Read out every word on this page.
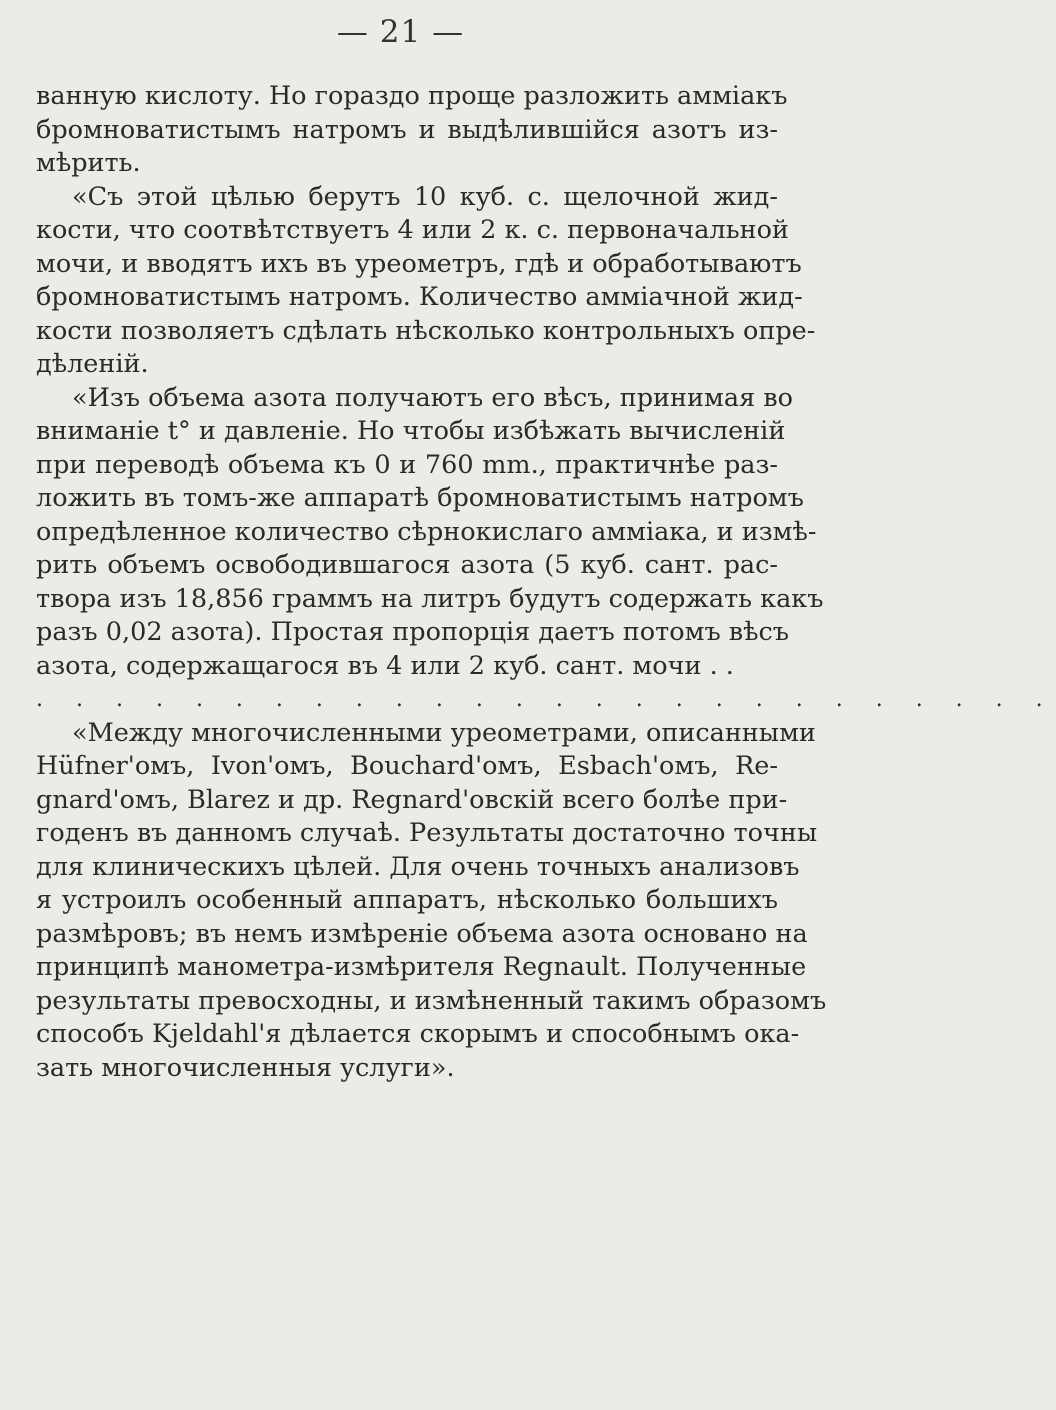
— 21 —
ванную кислоту. Но гораздо проще разложить амміакъ
бромноватистымъ натромъ и выдѣлившійся азотъ из-
мѣрить.
«Съ этой цѣлью берутъ 10 куб. с. щелочной жид-
кости, что соотвѣтствуетъ 4 или 2 к. с. первоначальной
мочи, и вводятъ ихъ въ уреометръ, гдѣ и обработываютъ
бромноватистымъ натромъ. Количество амміачной жид-
кости позволяетъ сдѣлать нѣсколько контрольныхъ опре-
дѣленій.
«Изъ объема азота получаютъ его вѣсъ, принимая во
вниманіе t° и давленіе. Но чтобы избѣжать вычисленій
при переводѣ объема къ 0 и 760 mm., практичнѣе раз-
ложить въ томъ-же аппаратѣ бромноватистымъ натромъ
опредѣленное количество сѣрнокислаго амміака, и измѣ-
рить объемъ освободившагося азота (5 куб. сант. рас-
твора изъ 18,856 граммъ на литръ будутъ содержать какъ
разъ 0,02 азота). Простая пропорція даетъ потомъ вѣсъ
азота, содержащагося въ 4 или 2 куб. сант. мочи . .
. . . . . . . . . . . . . . . . . . . . . . . . . .
«Между многочисленными уреометрами, описанными
Hüfner'омъ, Ivon'омъ, Bouchard'омъ, Esbach'омъ, Re-
gnard'омъ, Blarez и др. Regnard'овскій всего болѣе при-
годенъ въ данномъ случаѣ. Результаты достаточно точны
для клиническихъ цѣлей. Для очень точныхъ анализовъ
я устроилъ особенный аппаратъ, нѣсколько большихъ
размѣровъ; въ немъ измѣреніе объема азота основано на
принципѣ манометра-измѣрителя Regnault. Полученные
результаты превосходны, и измѣненный такимъ образомъ
способъ Kjeldahl'я дѣлается скорымъ и способнымъ ока-
зать многочисленныя услуги».
